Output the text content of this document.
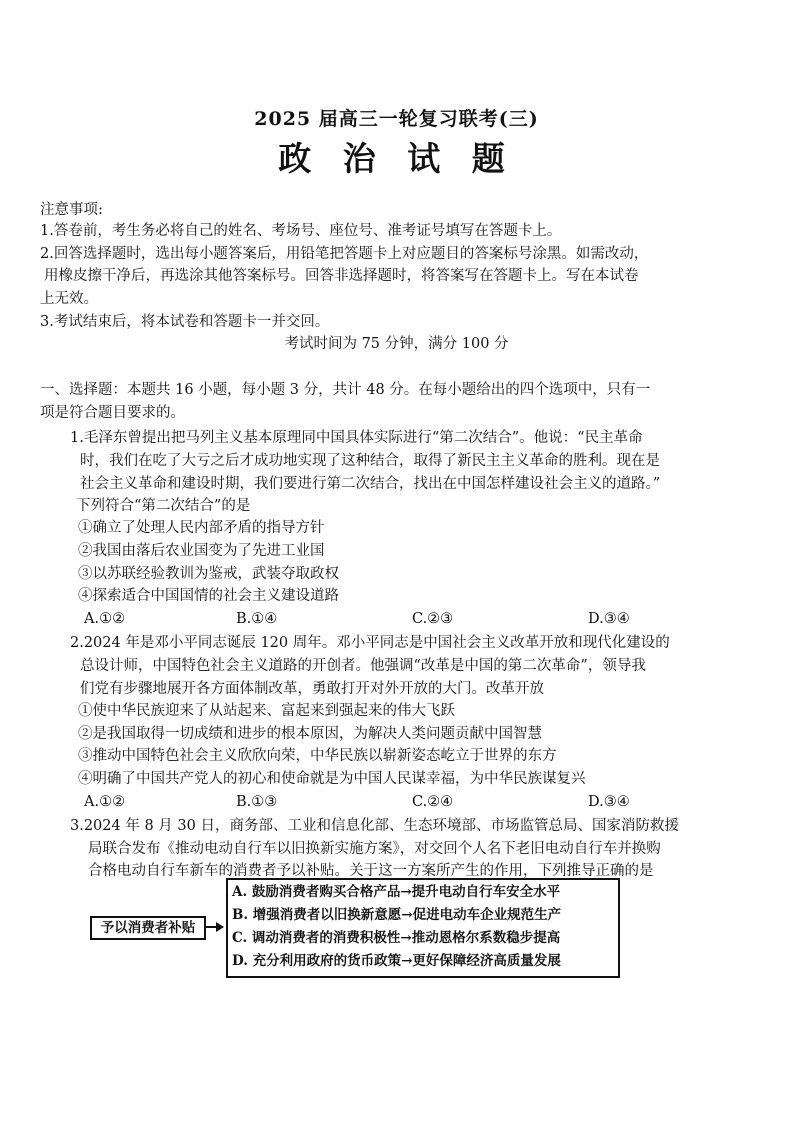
2025 届高三一轮复习联考(三)
政 治 试 题
注意事项:
1.答卷前，考生务必将自己的姓名、考场号、座位号、准考证号填写在答题卡上。
2.回答选择题时，选出每小题答案后，用铅笔把答题卡上对应题目的答案标号涂黑。如需改动，
用橡皮擦干净后，再选涂其他答案标号。回答非选择题时，将答案写在答题卡上。写在本试卷
上无效。
3.考试结束后，将本试卷和答题卡一并交回。
考试时间为 75 分钟，满分 100 分
一、选择题：本题共 16 小题，每小题 3 分，共计 48 分。在每小题给出的四个选项中，只有一
项是符合题目要求的。
1.毛泽东曾提出把马列主义基本原理同中国具体实际进行“第二次结合”。他说：“民主革命
时，我们在吃了大亏之后才成功地实现了这种结合，取得了新民主主义革命的胜利。现在是
社会主义革命和建设时期，我们要进行第二次结合，找出在中国怎样建设社会主义的道路。”
下列符合“第二次结合”的是
①确立了处理人民内部矛盾的指导方针
②我国由落后农业国变为了先进工业国
③以苏联经验教训为鉴戒，武装夺取政权
④探索适合中国国情的社会主义建设道路
A.①②	B.①④	C.②③	D.③④
2.2024 年是邓小平同志诞辰 120 周年。邓小平同志是中国社会主义改革开放和现代化建设的
总设计师，中国特色社会主义道路的开创者。他强调“改革是中国的第二次革命”，领导我
们党有步骤地展开各方面体制改革，勇敢打开对外开放的大门。改革开放
①使中华民族迎来了从站起来、富起来到强起来的伟大飞跃
②是我国取得一切成绩和进步的根本原因，为解决人类问题贡献中国智慧
③推动中国特色社会主义欣欣向荣，中华民族以崭新姿态屹立于世界的东方
④明确了中国共产党人的初心和使命就是为中国人民谋幸福，为中华民族谋复兴
A.①②	B.①③	C.②④	D.③④
3.2024 年 8 月 30 日，商务部、工业和信息化部、生态环境部、市场监管总局、国家消防救援
局联合发布《推动电动自行车以旧换新实施方案》，对交回个人名下老旧电动自行车并换购
合格电动自行车新车的消费者予以补贴。关于这一方案所产生的作用，下列推导正确的是
予以消费者补贴
A. 鼓励消费者购买合格产品→提升电动自行车安全水平
B. 增强消费者以旧换新意愿→促进电动车企业规范生产
C. 调动消费者的消费积极性→推动恩格尔系数稳步提高
D. 充分利用政府的货币政策→更好保障经济高质量发展
